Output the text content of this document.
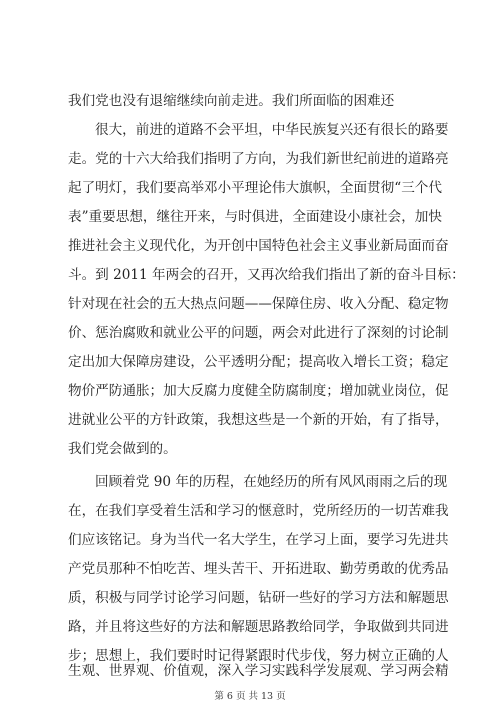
我们党也没有退缩继续向前走进。我们所面临的困难还
很大，前进的道路不会平坦，中华民族复兴还有很长的路要
走。党的十六大给我们指明了方向，为我们新世纪前进的道路亮
起了明灯，我们要高举邓小平理论伟大旗帜，全面贯彻“三个代
表”重要思想，继往开来，与时俱进，全面建设小康社会，加快
推进社会主义现代化，为开创中国特色社会主义事业新局面而奋
斗。到 2011 年两会的召开，又再次给我们指出了新的奋斗目标：
针对现在社会的五大热点问题——保障住房、收入分配、稳定物
价、惩治腐败和就业公平的问题，两会对此进行了深刻的讨论制
定出加大保障房建设，公平透明分配；提高收入增长工资；稳定
物价严防通胀；加大反腐力度健全防腐制度；增加就业岗位，促
进就业公平的方针政策，我想这些是一个新的开始，有了指导，
我们党会做到的。
回顾着党 90 年的历程，在她经历的所有风风雨雨之后的现
在，在我们享受着生活和学习的惬意时，党所经历的一切苦难我
们应该铭记。身为当代一名大学生，在学习上面，要学习先进共
产党员那种不怕吃苦、埋头苦干、开拓进取、勤劳勇敢的优秀品
质，积极与同学讨论学习问题，钻研一些好的学习方法和解题思
路，并且将这些好的方法和解题思路教给同学，争取做到共同进
步；思想上，我们要时时记得紧跟时代步伐，努力树立正确的人
生观、世界观、价值观，深入学习实践科学发展观、学习两会精
第 6 页 共 13 页
